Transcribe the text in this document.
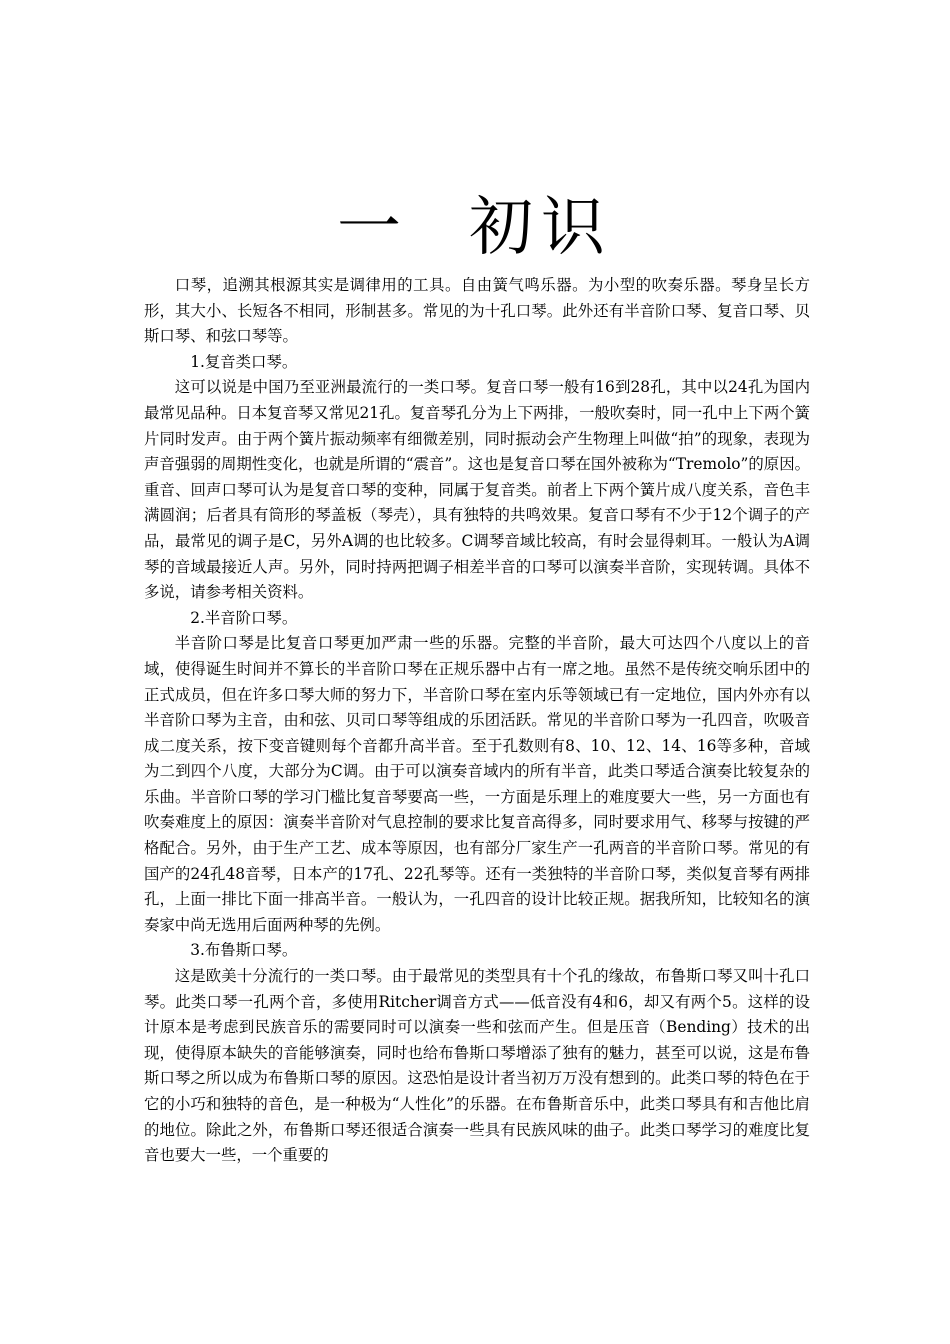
一 初识

口琴，追溯其根源其实是调律用的工具。自由簧气鸣乐器。为小型的吹奏乐器。琴身呈长方形，其大小、长短各不相同，形制甚多。常见的为十孔口琴。此外还有半音阶口琴、复音口琴、贝斯口琴、和弦口琴等。

1.复音类口琴。

这可以说是中国乃至亚洲最流行的一类口琴。复音口琴一般有16到28孔，其中以24孔为国内最常见品种。日本复音琴又常见21孔。复音琴孔分为上下两排，一般吹奏时，同一孔中上下两个簧片同时发声。由于两个簧片振动频率有细微差别，同时振动会产生物理上叫做“拍”的现象，表现为声音强弱的周期性变化，也就是所谓的“震音”。这也是复音口琴在国外被称为“Tremolo”的原因。重音、回声口琴可认为是复音口琴的变种，同属于复音类。前者上下两个簧片成八度关系，音色丰满圆润；后者具有筒形的琴盖板（琴壳），具有独特的共鸣效果。复音口琴有不少于12个调子的产品，最常见的调子是C，另外A调的也比较多。C调琴音域比较高，有时会显得刺耳。一般认为A调琴的音域最接近人声。另外，同时持两把调子相差半音的口琴可以演奏半音阶，实现转调。具体不多说，请参考相关资料。

2.半音阶口琴。

半音阶口琴是比复音口琴更加严肃一些的乐器。完整的半音阶，最大可达四个八度以上的音域，使得诞生时间并不算长的半音阶口琴在正规乐器中占有一席之地。虽然不是传统交响乐团中的正式成员，但在许多口琴大师的努力下，半音阶口琴在室内乐等领域已有一定地位，国内外亦有以半音阶口琴为主音，由和弦、贝司口琴等组成的乐团活跃。常见的半音阶口琴为一孔四音，吹吸音成二度关系，按下变音键则每个音都升高半音。至于孔数则有8、10、12、14、16等多种，音域为二到四个八度，大部分为C调。由于可以演奏音域内的所有半音，此类口琴适合演奏比较复杂的乐曲。半音阶口琴的学习门槛比复音琴要高一些，一方面是乐理上的难度要大一些，另一方面也有吹奏难度上的原因：演奏半音阶对气息控制的要求比复音高得多，同时要求用气、移琴与按键的严格配合。另外，由于生产工艺、成本等原因，也有部分厂家生产一孔两音的半音阶口琴。常见的有国产的24孔48音琴，日本产的17孔、22孔琴等。还有一类独特的半音阶口琴，类似复音琴有两排孔，上面一排比下面一排高半音。一般认为，一孔四音的设计比较正规。据我所知，比较知名的演奏家中尚无选用后面两种琴的先例。

3.布鲁斯口琴。

这是欧美十分流行的一类口琴。由于最常见的类型具有十个孔的缘故，布鲁斯口琴又叫十孔口琴。此类口琴一孔两个音，多使用Ritcher调音方式——低音没有4和6，却又有两个5。这样的设计原本是考虑到民族音乐的需要同时可以演奏一些和弦而产生。但是压音（Bending）技术的出现，使得原本缺失的音能够演奏，同时也给布鲁斯口琴增添了独有的魅力，甚至可以说，这是布鲁斯口琴之所以成为布鲁斯口琴的原因。这恐怕是设计者当初万万没有想到的。此类口琴的特色在于它的小巧和独特的音色，是一种极为“人性化”的乐器。在布鲁斯音乐中，此类口琴具有和吉他比肩的地位。除此之外，布鲁斯口琴还很适合演奏一些具有民族风味的曲子。此类口琴学习的难度比复音也要大一些，一个重要的
